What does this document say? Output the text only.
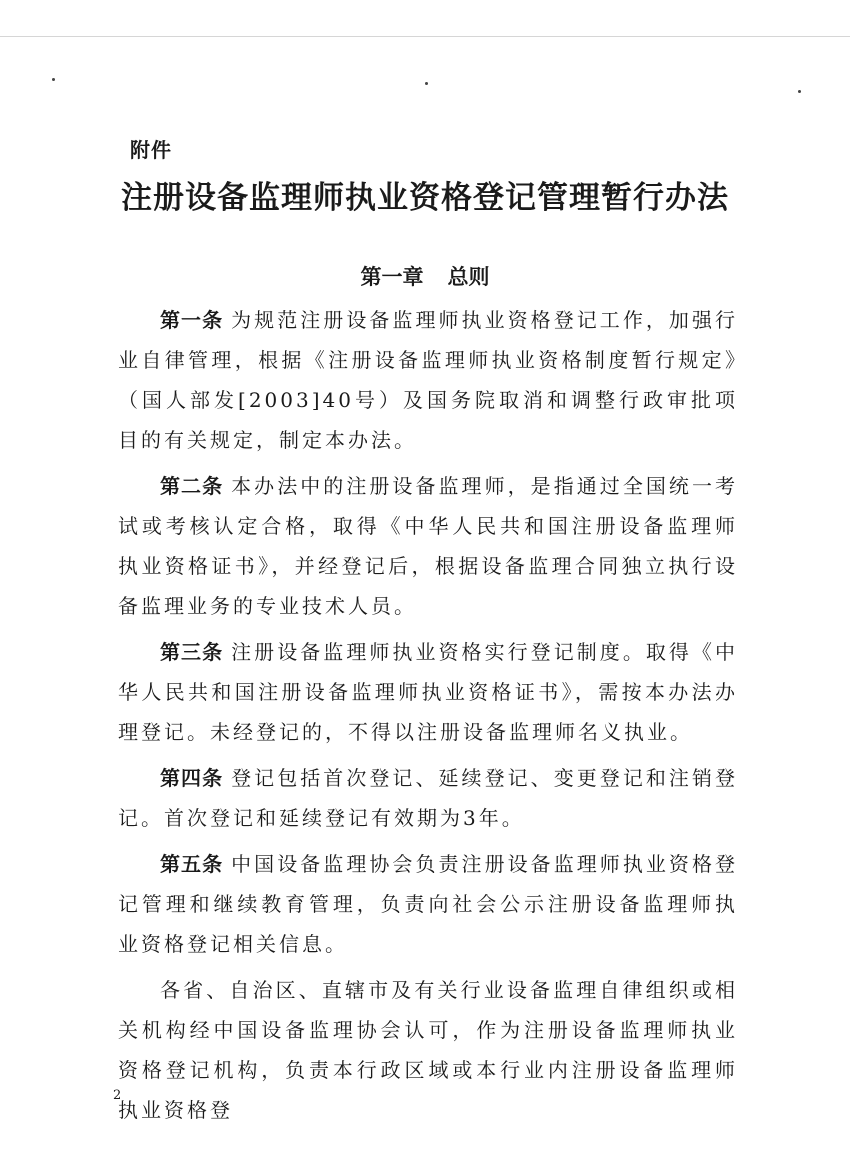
附件
注册设备监理师执业资格登记管理暂行办法
第一章 总则

第一条 为规范注册设备监理师执业资格登记工作，加强行业自律管理，根据《注册设备监理师执业资格制度暂行规定》（国人部发[2003]40号）及国务院取消和调整行政审批项目的有关规定，制定本办法。

第二条 本办法中的注册设备监理师，是指通过全国统一考试或考核认定合格，取得《中华人民共和国注册设备监理师执业资格证书》，并经登记后，根据设备监理合同独立执行设备监理业务的专业技术人员。

第三条 注册设备监理师执业资格实行登记制度。取得《中华人民共和国注册设备监理师执业资格证书》，需按本办法办理登记。未经登记的，不得以注册设备监理师名义执业。

第四条 登记包括首次登记、延续登记、变更登记和注销登记。首次登记和延续登记有效期为3年。

第五条 中国设备监理协会负责注册设备监理师执业资格登记管理和继续教育管理，负责向社会公示注册设备监理师执业资格登记相关信息。

各省、自治区、直辖市及有关行业设备监理自律组织或相关机构经中国设备监理协会认可，作为注册设备监理师执业资格登记机构，负责本行政区域或本行业内注册设备监理师执业资格登

2
